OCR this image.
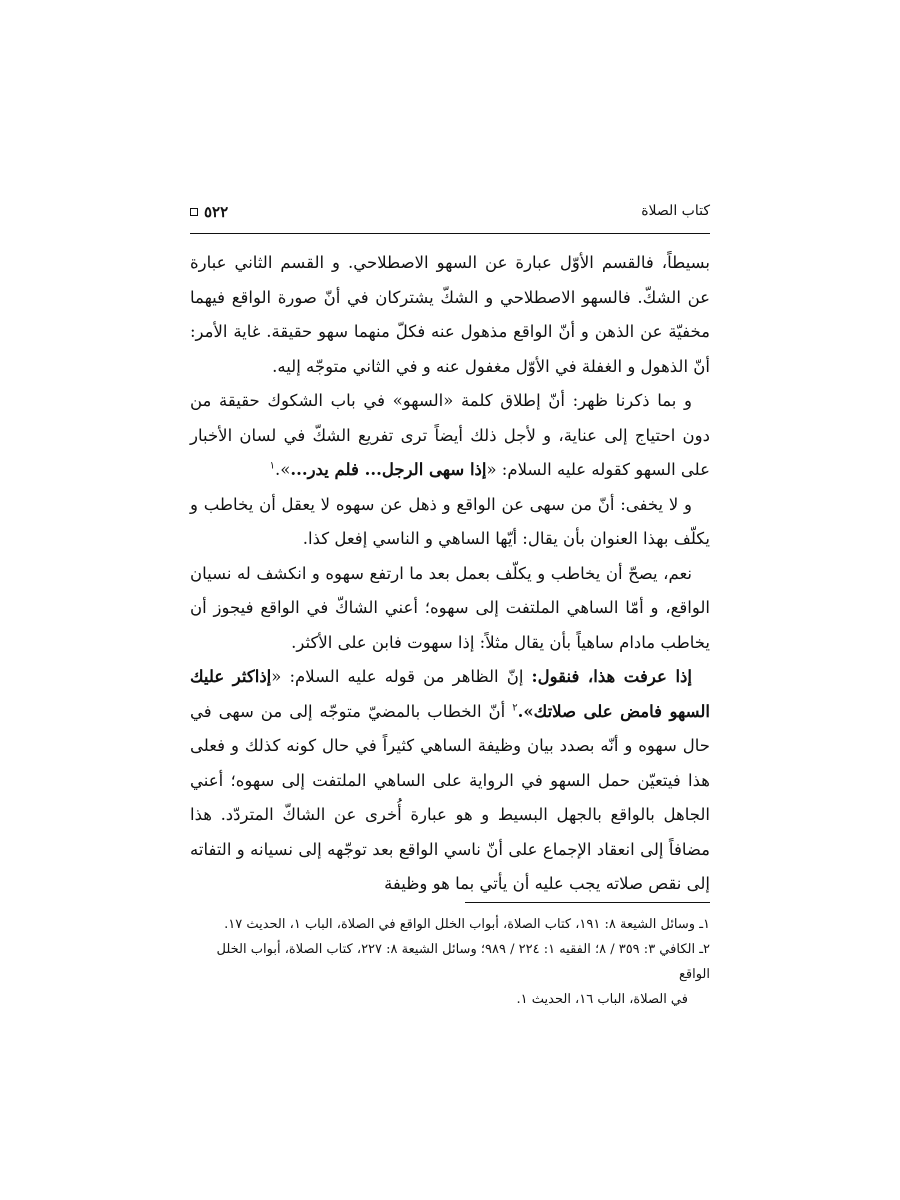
٥٢٢	كتاب الصلاة

بسيطاً، فالقسم الأوّل عبارة عن السهو الاصطلاحي. و القسم الثاني عبارة عن الشكّ. فالسهو الاصطلاحي و الشكّ يشتركان في أنّ صورة الواقع فيهما مخفيّة عن الذهن و أنّ الواقع مذهول عنه فكلّ منهما سهو حقيقة. غاية الأمر: أنّ الذهول و الغفلة في الأوّل مغفول عنه و في الثاني متوجّه إليه.

و بما ذكرنا ظهر: أنّ إطلاق كلمة «السهو» في باب الشكوك حقيقة من دون احتياج إلى عناية، و لأجل ذلك أيضاً ترى تفريع الشكّ في لسان الأخبار على السهو كقوله عليه السلام: «إذا سهى الرجل... فلم يدر...».$^١$

و لا يخفى: أنّ من سهى عن الواقع و ذهل عن سهوه لا يعقل أن يخاطب و يكلّف بهذا العنوان بأن يقال: أيّها الساهي و الناسي إفعل كذا.

نعم، يصحّ أن يخاطب و يكلّف بعمل بعد ما ارتفع سهوه و انكشف له نسيان الواقع، و أمّا الساهي الملتفت إلى سهوه؛ أعني الشاكّ في الواقع فيجوز أن يخاطب مادام ساهياً بأن يقال مثلاً: إذا سهوت فابن على الأكثر.

إذا عرفت هذا، فنقول: إنّ الظاهر من قوله عليه السلام: «إذاكثر عليك السهو فامض على صلاتك».$^٢$ أنّ الخطاب بالمضيّ متوجّه إلى من سهى في حال سهوه و أنّه بصدد بيان وظيفة الساهي كثيراً في حال كونه كذلك و فعلى هذا فيتعيّن حمل السهو في الرواية على الساهي الملتفت إلى سهوه؛ أعني الجاهل بالواقع بالجهل البسيط و هو عبارة أُخرى عن الشاكّ المتردّد. هذا مضافاً إلى انعقاد الإجماع على أنّ ناسي الواقع بعد توجّهه إلى نسيانه و التفاته إلى نقص صلاته يجب عليه أن يأتي بما هو وظيفة

١ـ وسائل الشيعة ٨: ١٩١، كتاب الصلاة، أبواب الخلل الواقع في الصلاة، الباب ١، الحديث ١٧.

٢ـ الكافي ٣: ٣٥٩ / ٨؛ الفقيه ١: ٢٢٤ / ٩٨٩؛ وسائل الشيعة ٨: ٢٢٧، كتاب الصلاة، أبواب الخلل الواقع

في الصلاة، الباب ١٦، الحديث ١.
